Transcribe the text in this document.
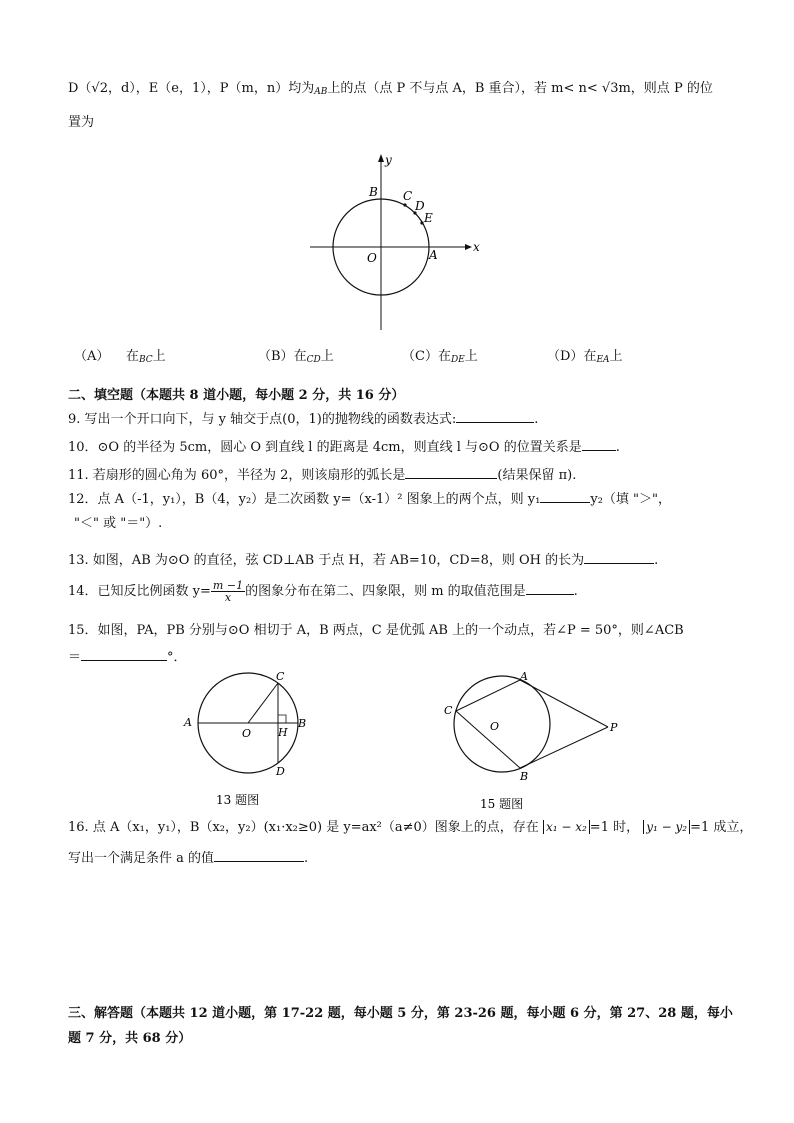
D（√2，d），E（e，1），P（m，n）均为AB上的点（点 P 不与点 A，B 重合），若 m< n< √3m，则点 P 的位
置为
y
x
B C
D
E
O	A
（A） 在BC上	（B）在CD上	（C）在DE上	（D）在EA上
二、填空题（本题共 8 道小题，每小题 2 分，共 16 分）
9. 写出一个开口向下，与 y 轴交于点(0，1)的抛物线的函数表达式:	.
10．⊙O 的半径为 5cm，圆心 O 到直线 l 的距离是 4cm，则直线 l 与⊙O 的位置关系是	.
11. 若扇形的圆心角为 60°，半径为 2，则该扇形的弧长是	(结果保留 π).
12．点 A（-1，y₁），B（4，y₂）是二次函数 y=（x-1）² 图象上的两个点，则 y₁	y₂（填 "＞"，
"＜" 或 "＝"）.
13. 如图，AB 为⊙O 的直径，弦 CD⊥AB 于点 H，若 AB=10，CD=8，则 OH 的长为	.
14．已知反比例函数 $y= \frac{m -1}{x}$ 的图象分布在第二、四象限，则 m 的取值范围是	.
15．如图，PA，PB 分别与⊙O 相切于 A，B 两点，C 是优弧 AB 上的一个动点，若∠P = 50°，则∠ACB
＝	°．
C
A
O H
B
D
13 题图
A
C
O	P
B
15 题图
16. 点 A（x₁，y₁），B（x₂，y₂）(x₁·x₂≥0) 是 y=ax²（a≠0）图象上的点，存在 x₁ − x₂ =1 时， y₁ − y₂ =1 成立，
写出一个满足条件 a 的值	.
三、解答题（本题共 12 道小题，第 17-22 题，每小题 5 分，第 23-26 题，每小题 6 分，第 27、28 题，每小
题 7 分，共 68 分）
